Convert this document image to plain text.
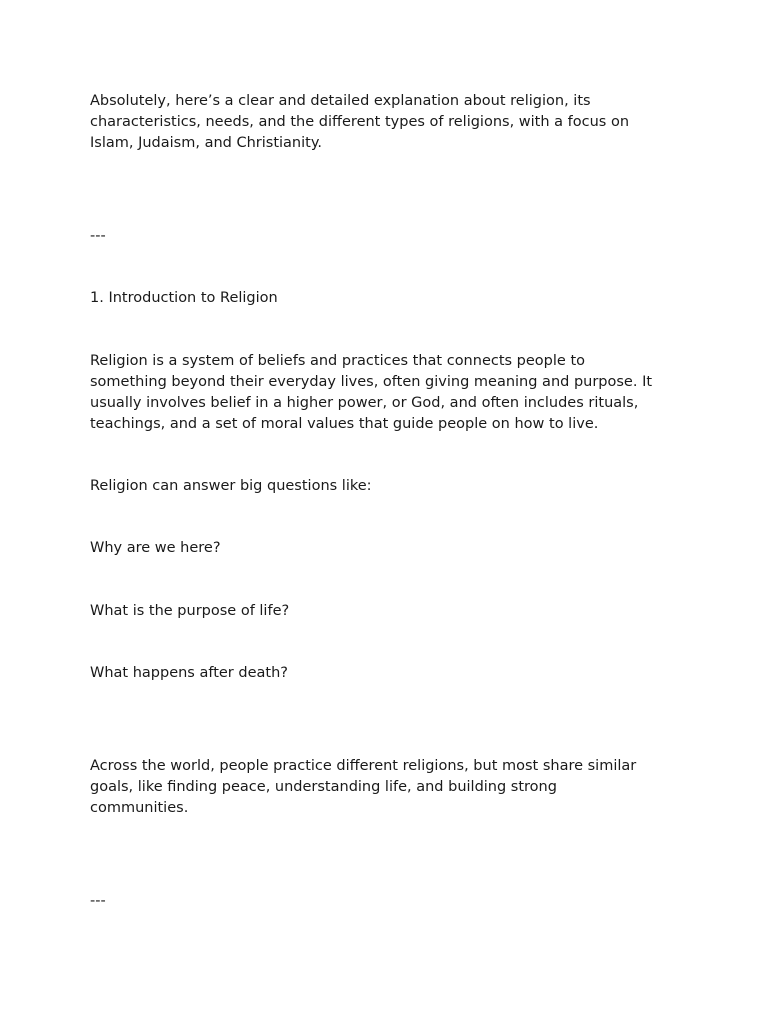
Absolutely, here’s a clear and detailed explanation about religion, its
characteristics, needs, and the different types of religions, with a focus on
Islam, Judaism, and Christianity.

---

1. Introduction to Religion

Religion is a system of beliefs and practices that connects people to
something beyond their everyday lives, often giving meaning and purpose. It
usually involves belief in a higher power, or God, and often includes rituals,
teachings, and a set of moral values that guide people on how to live.

Religion can answer big questions like:

Why are we here?

What is the purpose of life?

What happens after death?

Across the world, people practice different religions, but most share similar
goals, like finding peace, understanding life, and building strong
communities.

---
